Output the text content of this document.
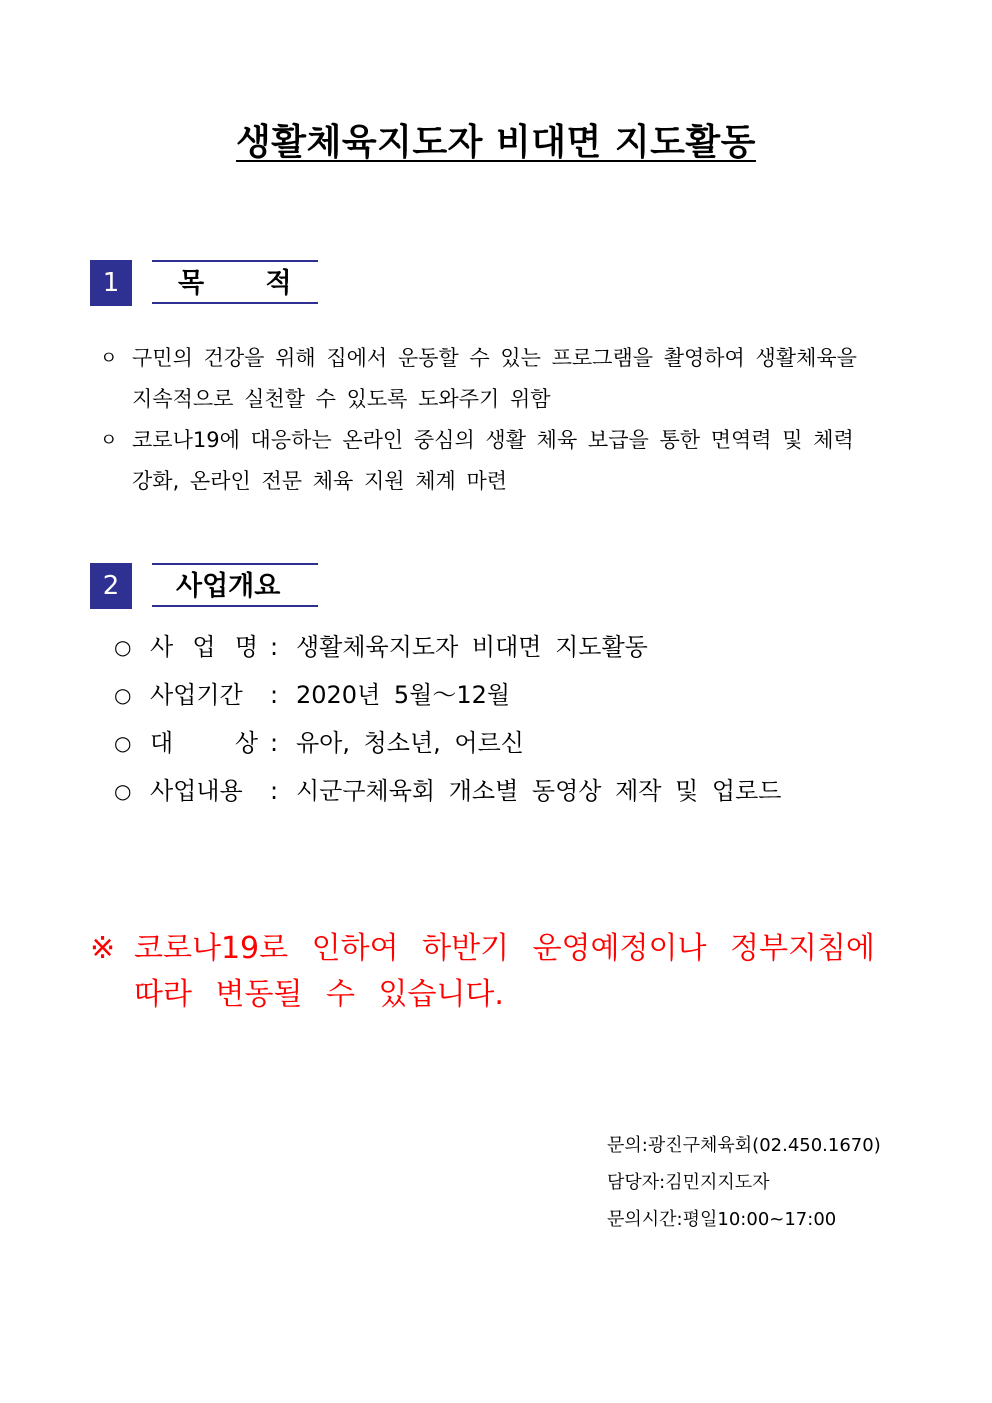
생활체육지도자 비대면 지도활동
1	목 적
ㅇ 구민의 건강을 위해 집에서 운동할 수 있는 프로그램을 촬영하여 생활체육을 지속적으로 실천할 수 있도록 도와주기 위함
ㅇ 코로나19에 대응하는 온라인 중심의 생활 체육 보급을 통한 면역력 및 체력 강화, 온라인 전문 체육 지원 체계 마련
2	사업개요
○ 사 업 명 : 생활체육지도자 비대면 지도활동
○ 사업기간	: 2020년 5월～12월
○ 대 상 : 유아, 청소년, 어르신
○ 사업내용	: 시군구체육회 개소별 동영상 제작 및 업로드
※ 코로나19로 인하여 하반기 운영예정이나 정부지침에 따라 변동될 수 있습니다.
문의:광진구체육회(02.450.1670)
담당자:김민지지도자
문의시간:평일10:00~17:00
